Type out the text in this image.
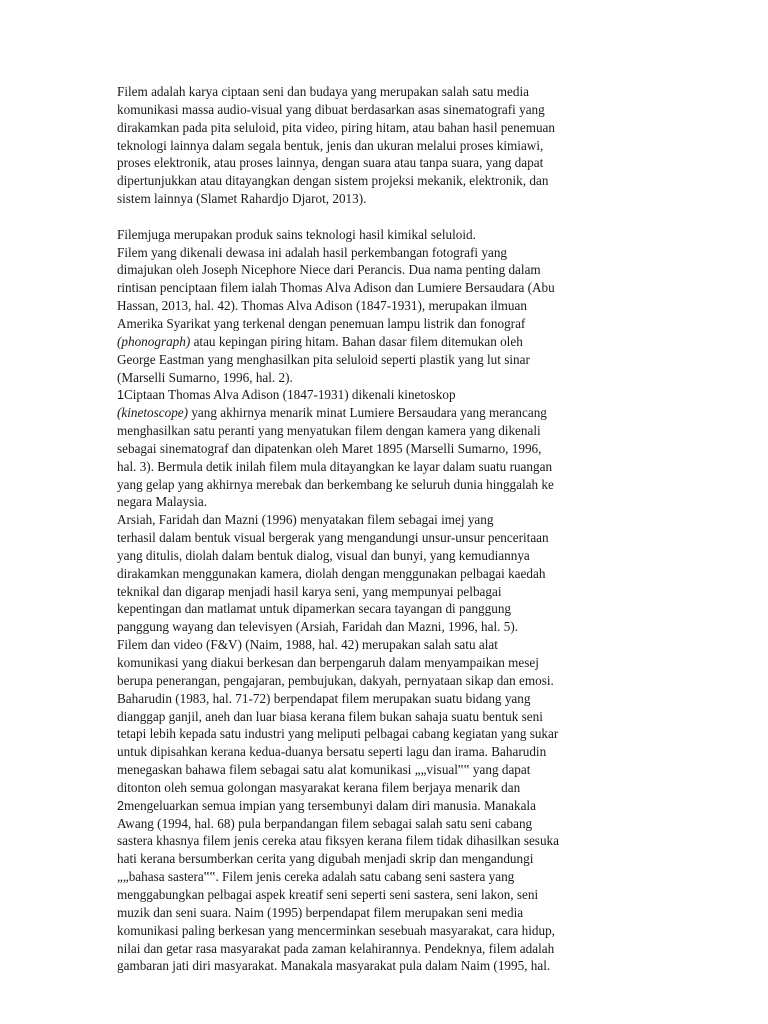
Filem adalah karya ciptaan seni dan budaya yang merupakan salah satu media
komunikasi massa audio-visual yang dibuat berdasarkan asas sinematografi yang
dirakamkan pada pita seluloid, pita video, piring hitam, atau bahan hasil penemuan
teknologi lainnya dalam segala bentuk, jenis dan ukuran melalui proses kimiawi,
proses elektronik, atau proses lainnya, dengan suara atau tanpa suara, yang dapat
dipertunjukkan atau ditayangkan dengan sistem projeksi mekanik, elektronik, dan
sistem lainnya (Slamet Rahardjo Djarot, 2013).
Filemjuga merupakan produk sains teknologi hasil kimikal seluloid.
Filem yang dikenali dewasa ini adalah hasil perkembangan fotografi yang
dimajukan oleh Joseph Nicephore Niece dari Perancis. Dua nama penting dalam
rintisan penciptaan filem ialah Thomas Alva Adison dan Lumiere Bersaudara (Abu
Hassan, 2013, hal. 42). Thomas Alva Adison (1847-1931), merupakan ilmuan
Amerika Syarikat yang terkenal dengan penemuan lampu listrik dan fonograf
(phonograph) atau kepingan piring hitam. Bahan dasar filem ditemukan oleh
George Eastman yang menghasilkan pita seluloid seperti plastik yang lut sinar
(Marselli Sumarno, 1996, hal. 2).
1Ciptaan Thomas Alva Adison (1847-1931) dikenali kinetoskop
(kinetoscope) yang akhirnya menarik minat Lumiere Bersaudara yang merancang
menghasilkan satu peranti yang menyatukan filem dengan kamera yang dikenali
sebagai sinematograf dan dipatenkan oleh Maret 1895 (Marselli Sumarno, 1996,
hal. 3). Bermula detik inilah filem mula ditayangkan ke layar dalam suatu ruangan
yang gelap yang akhirnya merebak dan berkembang ke seluruh dunia hinggalah ke
negara Malaysia.
Arsiah, Faridah dan Mazni (1996) menyatakan filem sebagai imej yang
terhasil dalam bentuk visual bergerak yang mengandungi unsur-unsur penceritaan
yang ditulis, diolah dalam bentuk dialog, visual dan bunyi, yang kemudiannya
dirakamkan menggunakan kamera, diolah dengan menggunakan pelbagai kaedah
teknikal dan digarap menjadi hasil karya seni, yang mempunyai pelbagai
kepentingan dan matlamat untuk dipamerkan secara tayangan di panggung
panggung wayang dan televisyen (Arsiah, Faridah dan Mazni, 1996, hal. 5).
Filem dan video (F&V) (Naim, 1988, hal. 42) merupakan salah satu alat
komunikasi yang diakui berkesan dan berpengaruh dalam menyampaikan mesej
berupa penerangan, pengajaran, pembujukan, dakyah, pernyataan sikap dan emosi.
Baharudin (1983, hal. 71-72) berpendapat filem merupakan suatu bidang yang
dianggap ganjil, aneh dan luar biasa kerana filem bukan sahaja suatu bentuk seni
tetapi lebih kepada satu industri yang meliputi pelbagai cabang kegiatan yang sukar
untuk dipisahkan kerana kedua-duanya bersatu seperti lagu dan irama. Baharudin
menegaskan bahawa filem sebagai satu alat komunikasi „„visual‟‟ yang dapat
ditonton oleh semua golongan masyarakat kerana filem berjaya menarik dan
2mengeluarkan semua impian yang tersembunyi dalam diri manusia. Manakala
Awang (1994, hal. 68) pula berpandangan filem sebagai salah satu seni cabang
sastera khasnya filem jenis cereka atau fiksyen kerana filem tidak dihasilkan sesuka
hati kerana bersumberkan cerita yang digubah menjadi skrip dan mengandungi
„„bahasa sastera‟‟. Filem jenis cereka adalah satu cabang seni sastera yang
menggabungkan pelbagai aspek kreatif seni seperti seni sastera, seni lakon, seni
muzik dan seni suara. Naim (1995) berpendapat filem merupakan seni media
komunikasi paling berkesan yang mencerminkan sesebuah masyarakat, cara hidup,
nilai dan getar rasa masyarakat pada zaman kelahirannya. Pendeknya, filem adalah
gambaran jati diri masyarakat. Manakala masyarakat pula dalam Naim (1995, hal.
